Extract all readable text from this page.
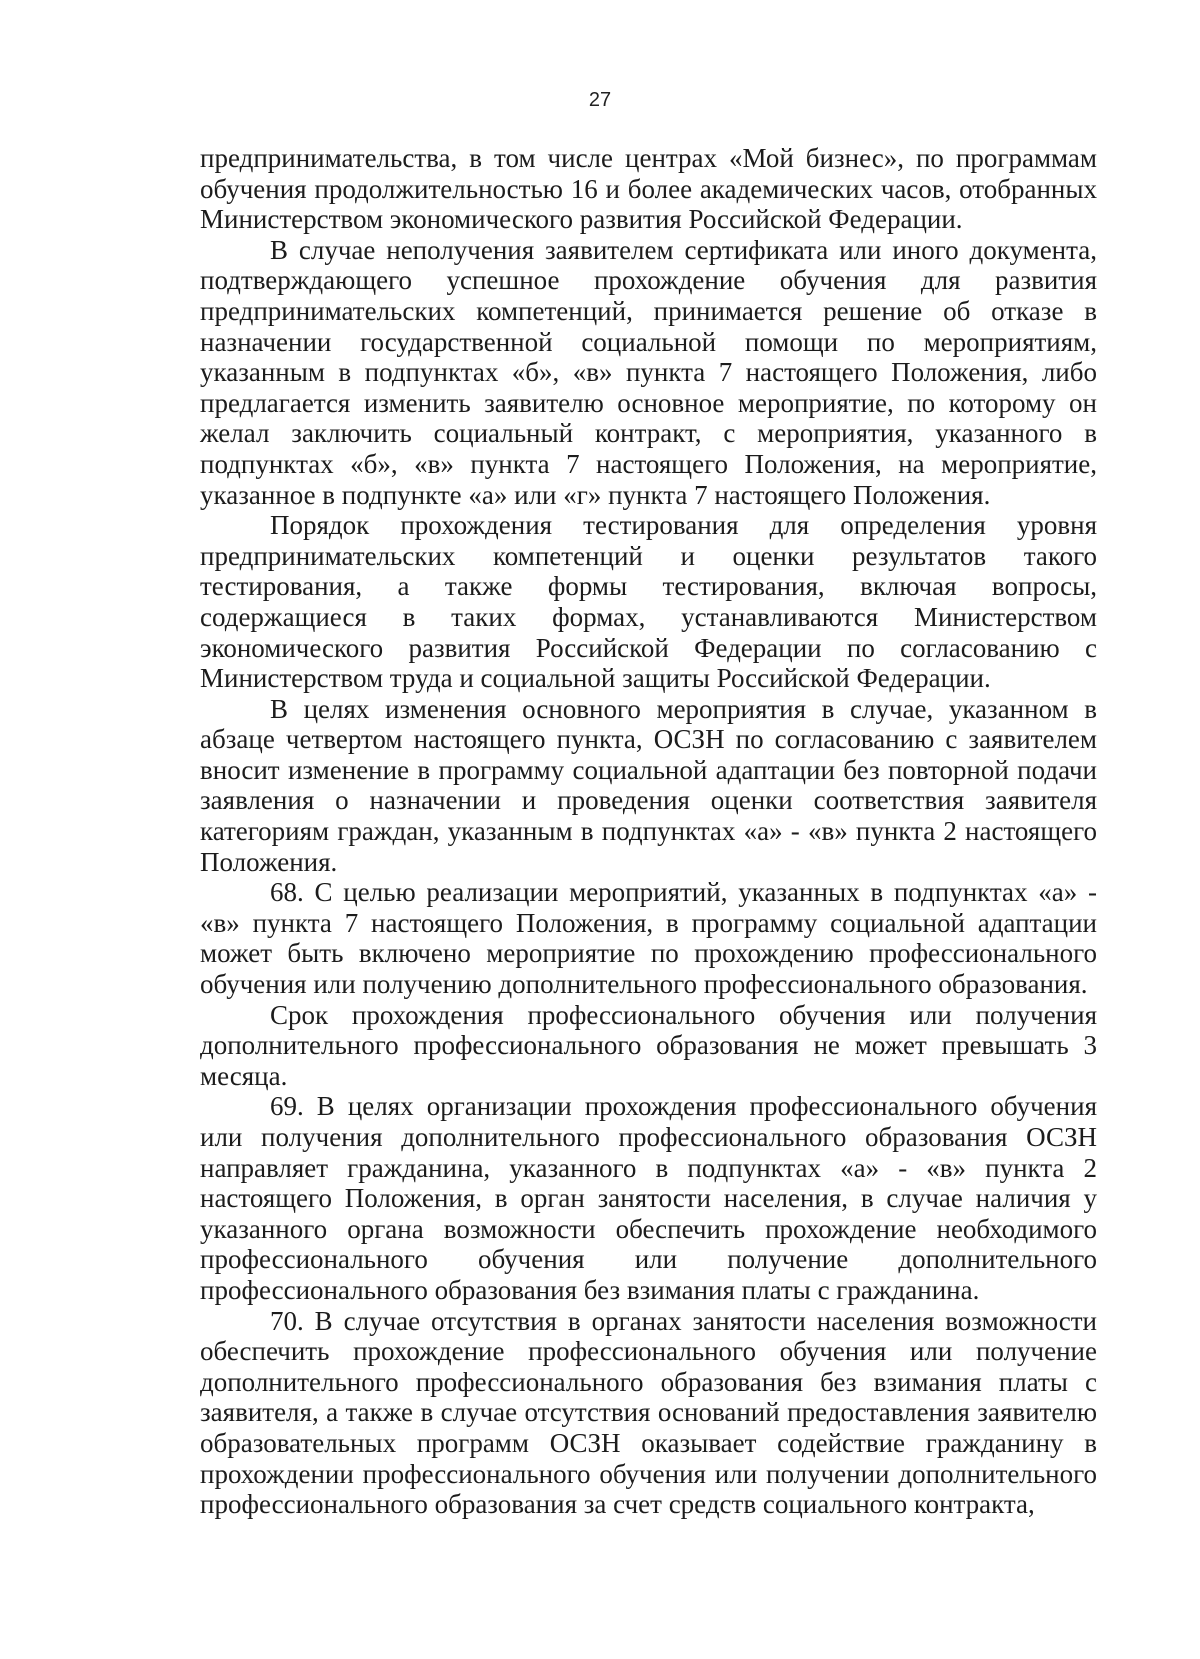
27

предпринимательства, в том числе центрах «Мой бизнес», по программам обучения продолжительностью 16 и более академических часов, отобранных Министерством экономического развития Российской Федерации.

В случае неполучения заявителем сертификата или иного документа, подтверждающего успешное прохождение обучения для развития предпринимательских компетенций, принимается решение об отказе в назначении государственной социальной помощи по мероприятиям, указанным в подпунктах «б», «в» пункта 7 настоящего Положения, либо предлагается изменить заявителю основное мероприятие, по которому он желал заключить социальный контракт, с мероприятия, указанного в подпунктах «б», «в» пункта 7 настоящего Положения, на мероприятие, указанное в подпункте «а» или «г» пункта 7 настоящего Положения.

Порядок прохождения тестирования для определения уровня предпринимательских компетенций и оценки результатов такого тестирования, а также формы тестирования, включая вопросы, содержащиеся в таких формах, устанавливаются Министерством экономического развития Российской Федерации по согласованию с Министерством труда и социальной защиты Российской Федерации.

В целях изменения основного мероприятия в случае, указанном в абзаце четвертом настоящего пункта, ОСЗН по согласованию с заявителем вносит изменение в программу социальной адаптации без повторной подачи заявления о назначении и проведения оценки соответствия заявителя категориям граждан, указанным в подпунктах «а» - «в» пункта 2 настоящего Положения.

68. С целью реализации мероприятий, указанных в подпунктах «а» - «в» пункта 7 настоящего Положения, в программу социальной адаптации может быть включено мероприятие по прохождению профессионального обучения или получению дополнительного профессионального образования.

Срок прохождения профессионального обучения или получения дополнительного профессионального образования не может превышать 3 месяца.

69. В целях организации прохождения профессионального обучения или получения дополнительного профессионального образования ОСЗН направляет гражданина, указанного в подпунктах «а» - «в» пункта 2 настоящего Положения, в орган занятости населения, в случае наличия у указанного органа возможности обеспечить прохождение необходимого профессионального обучения или получение дополнительного профессионального образования без взимания платы с гражданина.

70. В случае отсутствия в органах занятости населения возможности обеспечить прохождение профессионального обучения или получение дополнительного профессионального образования без взимания платы с заявителя, а также в случае отсутствия оснований предоставления заявителю образовательных программ ОСЗН оказывает содействие гражданину в прохождении профессионального обучения или получении дополнительного профессионального образования за счет средств социального контракта,
